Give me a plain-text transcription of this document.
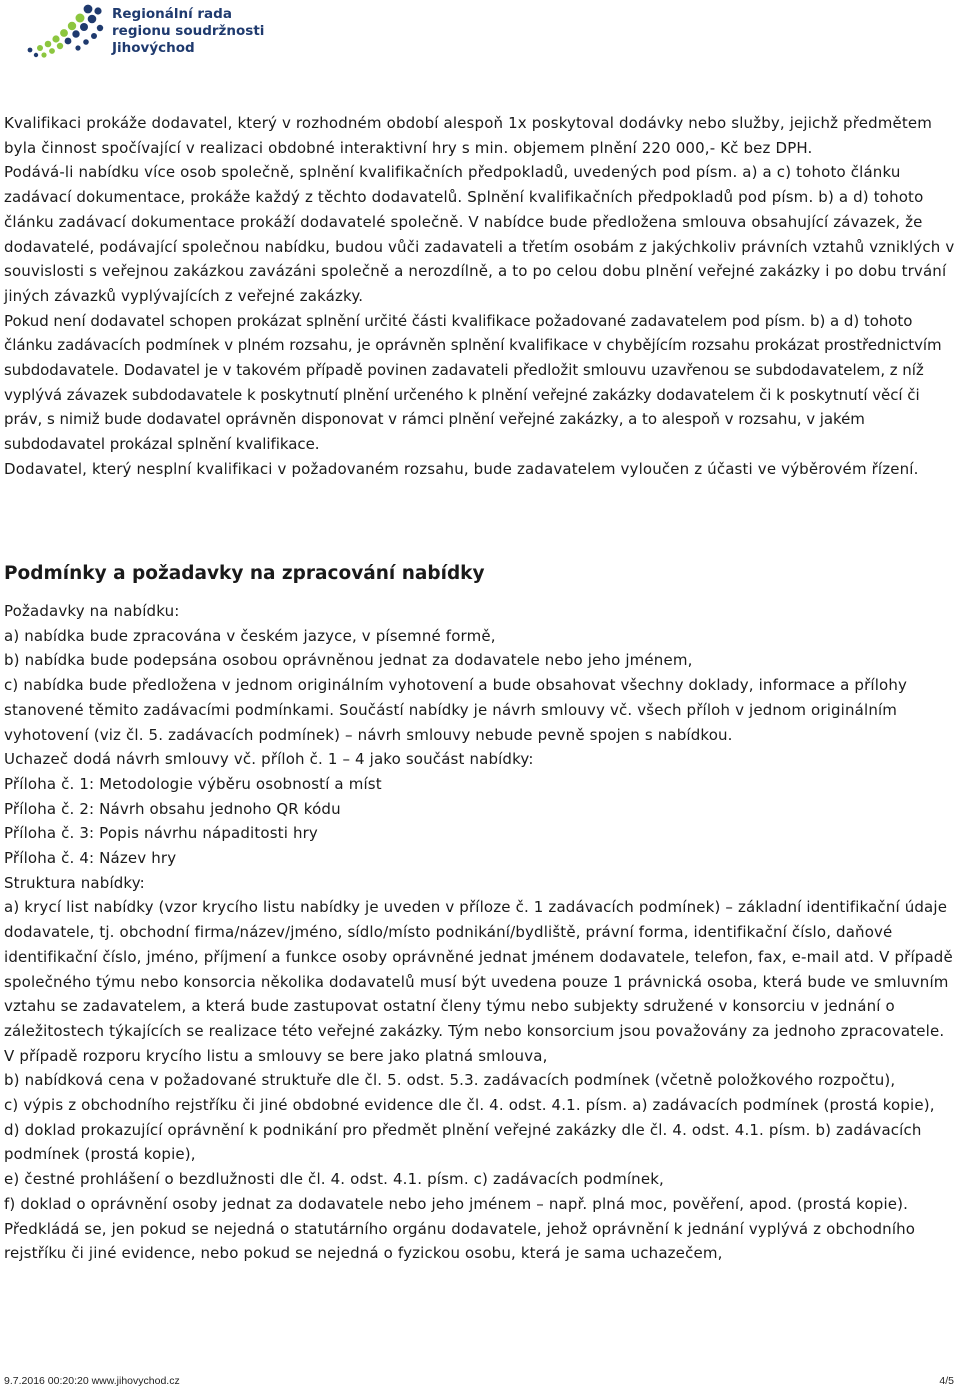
Regionální rada
regionu soudržnosti
Jihovýchod

Kvalifikaci prokáže dodavatel, který v rozhodném období alespoň 1x poskytoval dodávky nebo služby, jejichž předmětem byla činnost spočívající v realizaci obdobné interaktivní hry s min. objemem plnění 220 000,- Kč bez DPH.

Podává-li nabídku více osob společně, splnění kvalifikačních předpokladů, uvedených pod písm. a) a c) tohoto článku zadávací dokumentace, prokáže každý z těchto dodavatelů. Splnění kvalifikačních předpokladů pod písm. b) a d) tohoto článku zadávací dokumentace prokáží dodavatelé společně. V nabídce bude předložena smlouva obsahující závazek, že dodavatelé, podávající společnou nabídku, budou vůči zadavateli a třetím osobám z jakýchkoliv právních vztahů vzniklých v souvislosti s veřejnou zakázkou zavázáni společně a nerozdílně, a to po celou dobu plnění veřejné zakázky i po dobu trvání jiných závazků vyplývajících z veřejné zakázky.

Pokud není dodavatel schopen prokázat splnění určité části kvalifikace požadované zadavatelem pod písm. b) a d) tohoto článku zadávacích podmínek v plném rozsahu, je oprávněn splnění kvalifikace v chybějícím rozsahu prokázat prostřednictvím subdodavatele. Dodavatel je v takovém případě povinen zadavateli předložit smlouvu uzavřenou se subdodavatelem, z níž vyplývá závazek subdodavatele k poskytnutí plnění určeného k plnění veřejné zakázky dodavatelem či k poskytnutí věcí či práv, s nimiž bude dodavatel oprávněn disponovat v rámci plnění veřejné zakázky, a to alespoň v rozsahu, v jakém subdodavatel prokázal splnění kvalifikace.

Dodavatel, který nesplní kvalifikaci v požadovaném rozsahu, bude zadavatelem vyloučen z účasti ve výběrovém řízení.

Podmínky a požadavky na zpracování nabídky

Požadavky na nabídku:

a) nabídka bude zpracována v českém jazyce, v písemné formě,

b) nabídka bude podepsána osobou oprávněnou jednat za dodavatele nebo jeho jménem,

c) nabídka bude předložena v jednom originálním vyhotovení a bude obsahovat všechny doklady, informace a přílohy stanovené těmito zadávacími podmínkami. Součástí nabídky je návrh smlouvy vč. všech příloh v jednom originálním vyhotovení (viz čl. 5. zadávacích podmínek) – návrh smlouvy nebude pevně spojen s nabídkou.

Uchazeč dodá návrh smlouvy vč. příloh č. 1 – 4 jako součást nabídky:

Příloha č. 1: Metodologie výběru osobností a míst

Příloha č. 2: Návrh obsahu jednoho QR kódu

Příloha č. 3: Popis návrhu nápaditosti hry

Příloha č. 4: Název hry

Struktura nabídky:

a) krycí list nabídky (vzor krycího listu nabídky je uveden v příloze č. 1 zadávacích podmínek) – základní identifikační údaje dodavatele, tj. obchodní firma/název/jméno, sídlo/místo podnikání/bydliště, právní forma, identifikační číslo, daňové identifikační číslo, jméno, příjmení a funkce osoby oprávněné jednat jménem dodavatele, telefon, fax, e-mail atd. V případě společného týmu nebo konsorcia několika dodavatelů musí být uvedena pouze 1 právnická osoba, která bude ve smluvním vztahu se zadavatelem, a která bude zastupovat ostatní členy týmu nebo subjekty sdružené v konsorciu v jednání o záležitostech týkajících se realizace této veřejné zakázky. Tým nebo konsorcium jsou považovány za jednoho zpracovatele. V případě rozporu krycího listu a smlouvy se bere jako platná smlouva,

b) nabídková cena v požadované struktuře dle čl. 5. odst. 5.3. zadávacích podmínek (včetně položkového rozpočtu),

c) výpis z obchodního rejstříku či jiné obdobné evidence dle čl. 4. odst. 4.1. písm. a) zadávacích podmínek (prostá kopie),

d) doklad prokazující oprávnění k podnikání pro předmět plnění veřejné zakázky dle čl. 4. odst. 4.1. písm. b) zadávacích podmínek (prostá kopie),

e) čestné prohlášení o bezdlužnosti dle čl. 4. odst. 4.1. písm. c) zadávacích podmínek,

f) doklad o oprávnění osoby jednat za dodavatele nebo jeho jménem – např. plná moc, pověření, apod. (prostá kopie). Předkládá se, jen pokud se nejedná o statutárního orgánu dodavatele, jehož oprávnění k jednání vyplývá z obchodního rejstříku či jiné evidence, nebo pokud se nejedná o fyzickou osobu, která je sama uchazečem,

9.7.2016 00:20:20 www.jihovychod.cz	4/5
